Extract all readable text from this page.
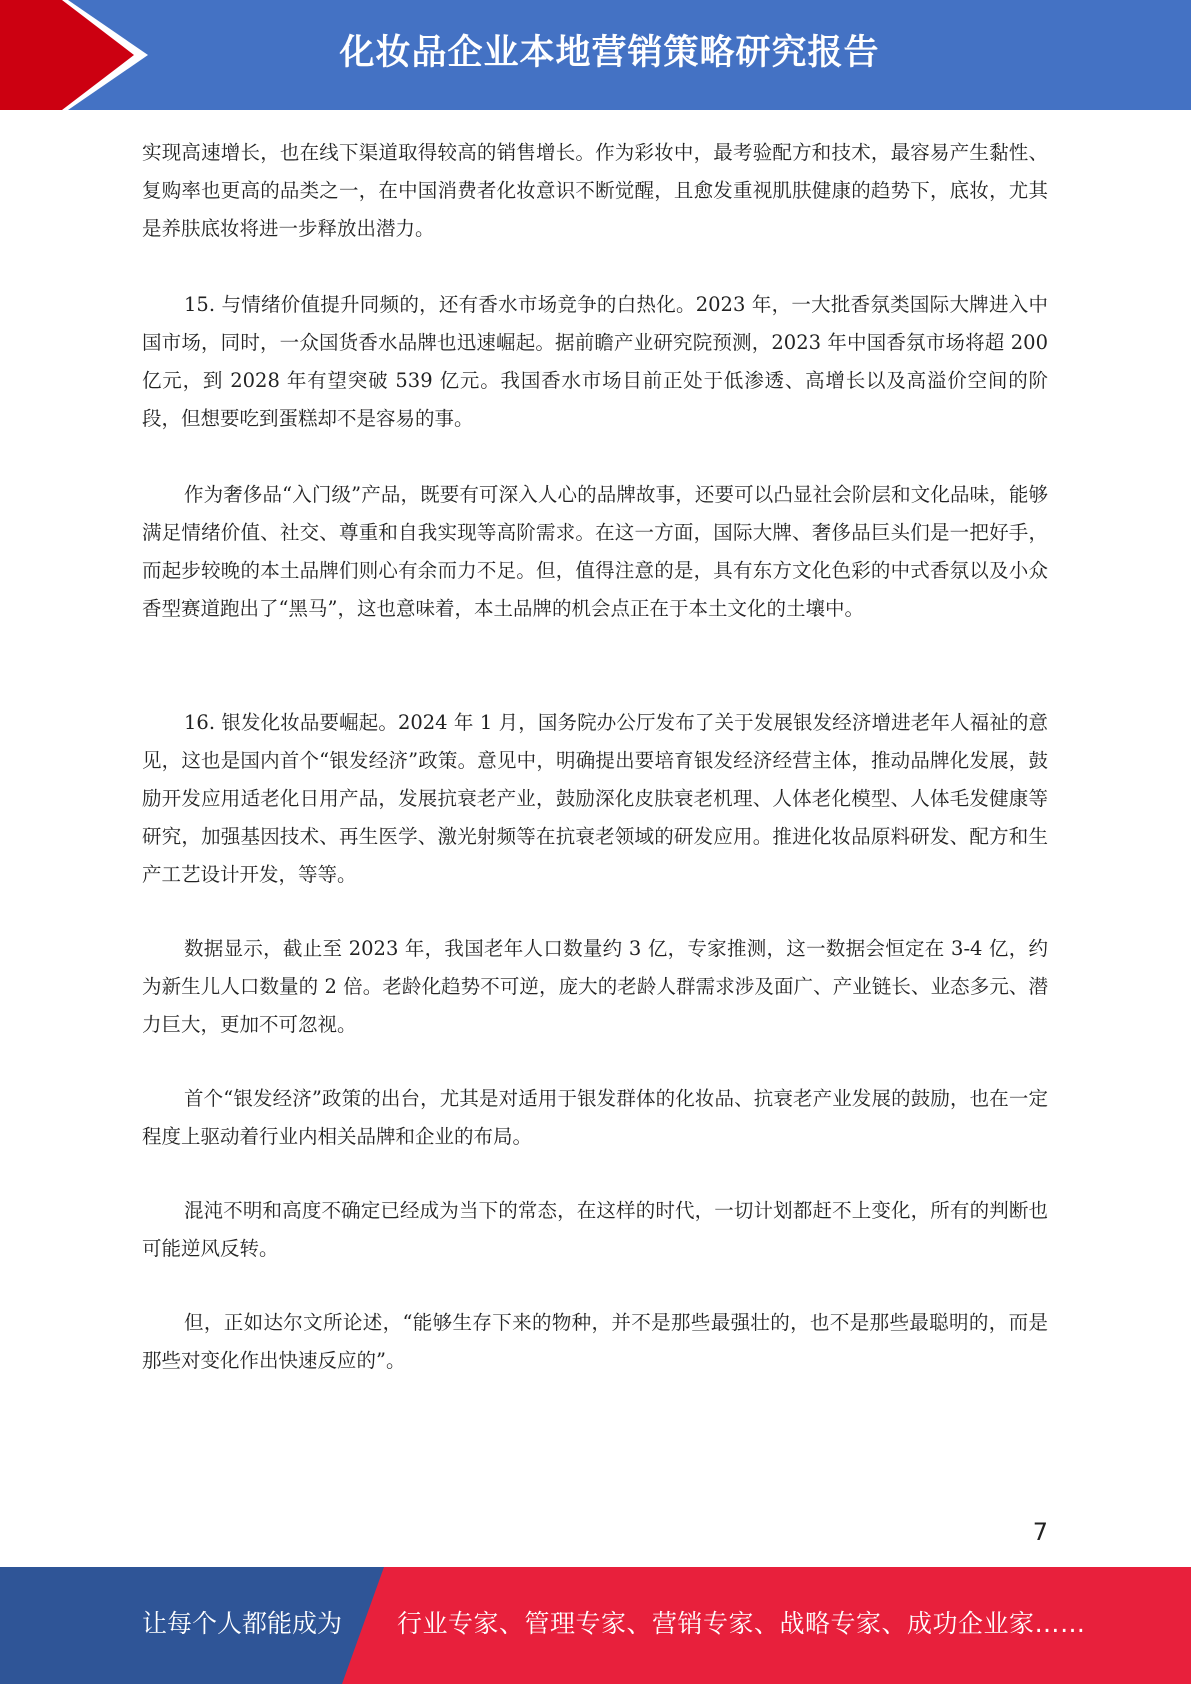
化妆品企业本地营销策略研究报告

实现高速增长，也在线下渠道取得较高的销售增长。作为彩妆中，最考验配方和技术，最容易产生黏性、复购率也更高的品类之一，在中国消费者化妆意识不断觉醒，且愈发重视肌肤健康的趋势下，底妆，尤其是养肤底妆将进一步释放出潜力。

15. 与情绪价值提升同频的，还有香水市场竞争的白热化。2023 年，一大批香氛类国际大牌进入中国市场，同时，一众国货香水品牌也迅速崛起。据前瞻产业研究院预测，2023 年中国香氛市场将超 200 亿元，到 2028 年有望突破 539 亿元。我国香水市场目前正处于低渗透、高增长以及高溢价空间的阶段，但想要吃到蛋糕却不是容易的事。

作为奢侈品“入门级”产品，既要有可深入人心的品牌故事，还要可以凸显社会阶层和文化品味，能够满足情绪价值、社交、尊重和自我实现等高阶需求。在这一方面，国际大牌、奢侈品巨头们是一把好手，而起步较晚的本土品牌们则心有余而力不足。但，值得注意的是，具有东方文化色彩的中式香氛以及小众香型赛道跑出了“黑马”，这也意味着，本土品牌的机会点正在于本土文化的土壤中。

16. 银发化妆品要崛起。2024 年 1 月，国务院办公厅发布了关于发展银发经济增进老年人福祉的意见，这也是国内首个“银发经济”政策。意见中，明确提出要培育银发经济经营主体，推动品牌化发展，鼓励开发应用适老化日用产品，发展抗衰老产业，鼓励深化皮肤衰老机理、人体老化模型、人体毛发健康等研究，加强基因技术、再生医学、激光射频等在抗衰老领域的研发应用。推进化妆品原料研发、配方和生产工艺设计开发，等等。

数据显示，截止至 2023 年，我国老年人口数量约 3 亿，专家推测，这一数据会恒定在 3-4 亿，约为新生儿人口数量的 2 倍。老龄化趋势不可逆，庞大的老龄人群需求涉及面广、产业链长、业态多元、潜力巨大，更加不可忽视。

首个“银发经济”政策的出台，尤其是对适用于银发群体的化妆品、抗衰老产业发展的鼓励，也在一定程度上驱动着行业内相关品牌和企业的布局。

混沌不明和高度不确定已经成为当下的常态，在这样的时代，一切计划都赶不上变化，所有的判断也可能逆风反转。

但，正如达尔文所论述，“能够生存下来的物种，并不是那些最强壮的，也不是那些最聪明的，而是那些对变化作出快速反应的”。

7
让每个人都能成为 行业专家、管理专家、营销专家、战略专家、成功企业家……
